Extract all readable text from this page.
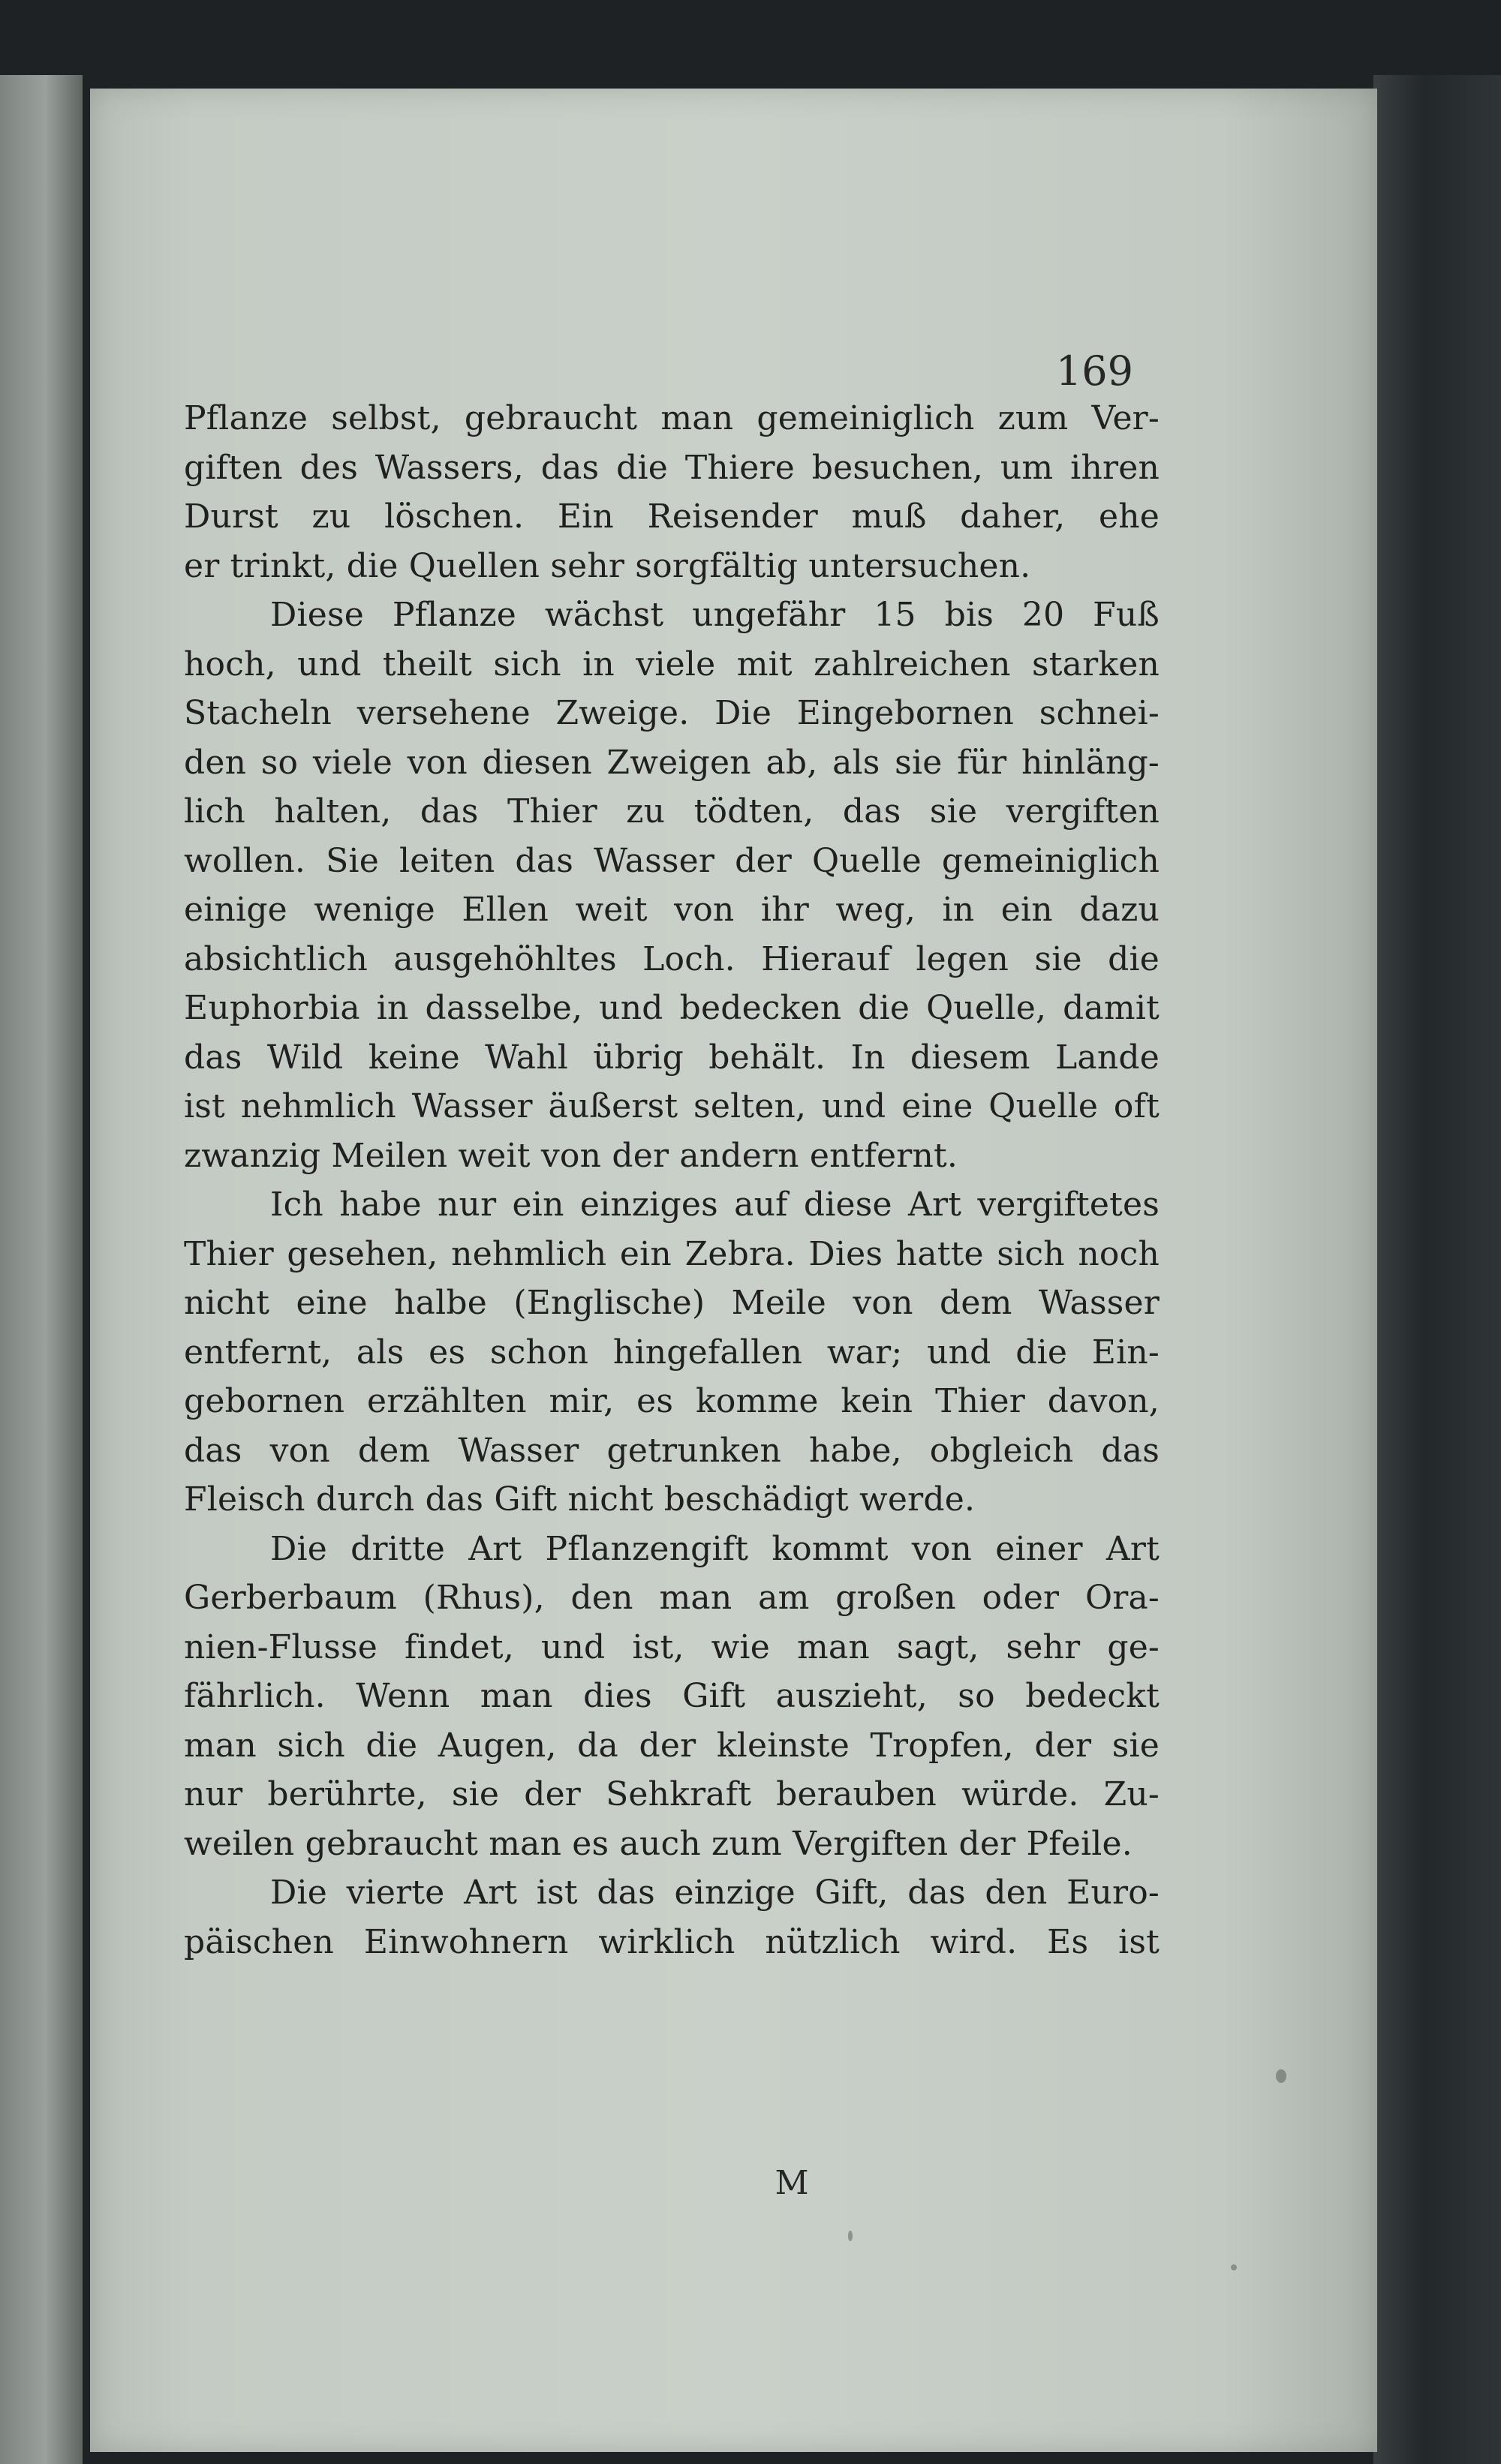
169
Pflanze selbst, gebraucht man gemeiniglich zum Ver-
giften des Wassers, das die Thiere besuchen, um ihren
Durst zu löschen. Ein Reisender muß daher, ehe
er trinkt, die Quellen sehr sorgfältig untersuchen.
Diese Pflanze wächst ungefähr 15 bis 20 Fuß
hoch, und theilt sich in viele mit zahlreichen starken
Stacheln versehene Zweige. Die Eingebornen schnei-
den so viele von diesen Zweigen ab, als sie für hinläng-
lich halten, das Thier zu tödten, das sie vergiften
wollen. Sie leiten das Wasser der Quelle gemeiniglich
einige wenige Ellen weit von ihr weg, in ein dazu
absichtlich ausgehöhltes Loch. Hierauf legen sie die
Euphorbia in dasselbe, und bedecken die Quelle, damit
das Wild keine Wahl übrig behält. In diesem Lande
ist nehmlich Wasser äußerst selten, und eine Quelle oft
zwanzig Meilen weit von der andern entfernt.
Ich habe nur ein einziges auf diese Art vergiftetes
Thier gesehen, nehmlich ein Zebra. Dies hatte sich noch
nicht eine halbe (Englische) Meile von dem Wasser
entfernt, als es schon hingefallen war; und die Ein-
gebornen erzählten mir, es komme kein Thier davon,
das von dem Wasser getrunken habe, obgleich das
Fleisch durch das Gift nicht beschädigt werde.
Die dritte Art Pflanzengift kommt von einer Art
Gerberbaum (Rhus), den man am großen oder Ora-
nien-Flusse findet, und ist, wie man sagt, sehr ge-
fährlich. Wenn man dies Gift auszieht, so bedeckt
man sich die Augen, da der kleinste Tropfen, der sie
nur berührte, sie der Sehkraft berauben würde. Zu-
weilen gebraucht man es auch zum Vergiften der Pfeile.
Die vierte Art ist das einzige Gift, das den Euro-
päischen Einwohnern wirklich nützlich wird. Es ist
M
